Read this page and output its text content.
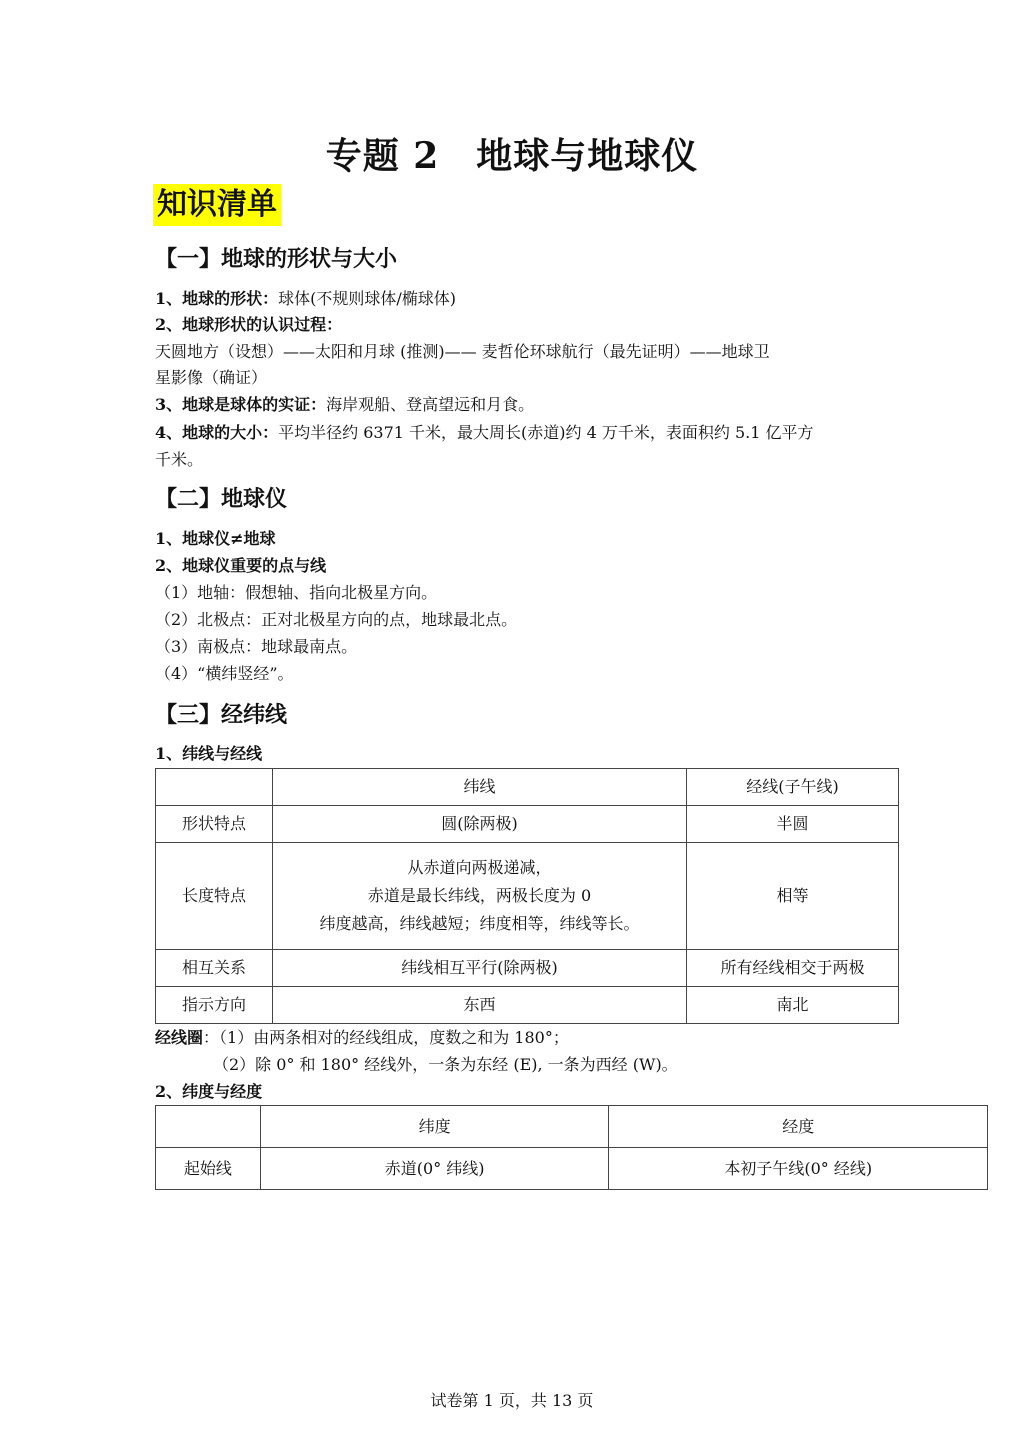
专题 2　地球与地球仪
知识清单
【一】地球的形状与大小
1、地球的形状：球体(不规则球体/椭球体)
2、地球形状的认识过程：
天圆地方（设想）——太阳和月球 (推测)—— 麦哲伦环球航行（最先证明）——地球卫
星影像（确证）
3、地球是球体的实证：海岸观船、登高望远和月食。
4、地球的大小：平均半径约 6371 千米，最大周长(赤道)约 4 万千米，表面积约 5.1 亿平方
千米。
【二】地球仪
1、地球仪≠地球
2、地球仪重要的点与线
（1）地轴：假想轴、指向北极星方向。
（2）北极点：正对北极星方向的点，地球最北点。
（3）南极点：地球最南点。
（4）“横纬竖经”。
【三】经纬线
1、纬线与经线
	纬线	经线(子午线)
形状特点	圆(除两极)	半圆
长度特点	从赤道向两极递减，
赤道是最长纬线，两极长度为 0
纬度越高，纬线越短；纬度相等，纬线等长。	相等
相互关系	纬线相互平行(除两极)	所有经线相交于两极
指示方向	东西	南北
经线圈：（1）由两条相对的经线组成，度数之和为 180°；
（2）除 0° 和 180° 经线外，一条为东经 (E), 一条为西经 (W)。
2、纬度与经度
	纬度	经度
起始线	赤道(0° 纬线)	本初子午线(0° 经线)
试卷第 1 页，共 13 页
